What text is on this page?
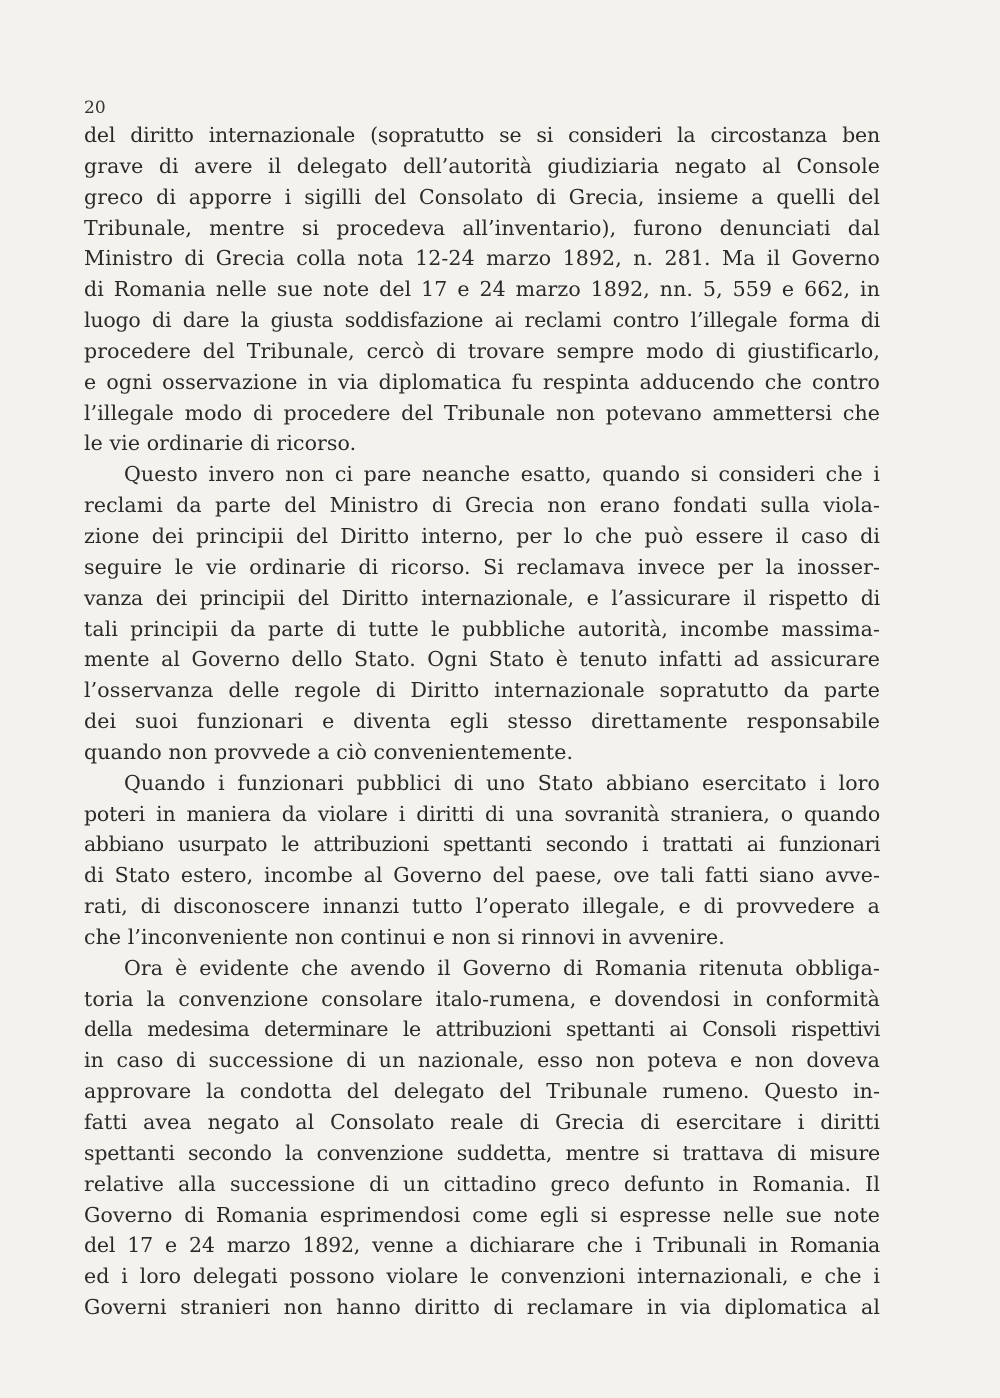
20
del diritto internazionale (sopratutto se si considerі la circostanza ben
grave di avere il delegato dell’autorità giudiziaria negato al Console
greco di apporre i sigilli del Consolato di Grecia, insieme a quelli del
Tribunale, mentre si procedeva all’inventario), furono denunciati dal
Ministro di Grecia colla nota 12-24 marzo 1892, n. 281. Ma il Governo
di Romania nelle sue note del 17 e 24 marzo 1892, nn. 5, 559 e 662, in
luogo di dare la giusta soddisfazione ai reclami contro l’illegale forma di
procedere del Tribunale, cercò di trovare sempre modo di giustificarlo,
e ogni osservazione in via diplomatica fu respinta adducendo che contro
l’illegale modo di procedere del Tribunale non potevano ammettersi che
le vie ordinarie di ricorso.
Questo invero non ci pare neanche esatto, quando si consideri che i
reclami da parte del Ministro di Grecia non erano fondati sulla viola-
zione dei principii del Diritto interno, per lo che può essere il caso di
seguire le vie ordinarie di ricorso. Si reclamava invece per la inosser-
vanza dei principii del Diritto internazionale, e l’assicurare il rispetto di
tali principii da parte di tutte le pubbliche autorità, incombe massima-
mente al Governo dello Stato. Ogni Stato è tenuto infatti ad assicurare
l’osservanza delle regole di Diritto internazionale sopratutto da parte
dei suoi funzionari e diventa egli stesso direttamente responsabile
quando non provvede a ciò convenientemente.
Quando i funzionari pubblici di uno Stato abbiano esercitato i loro
poteri in maniera da violare i diritti di una sovranità straniera, o quando
abbiano usurpato le attribuzioni spettanti secondo i trattati ai funzionari
di Stato estero, incombe al Governo del paese, ove tali fatti siano avve-
rati, di disconoscere innanzi tutto l’operato illegale, e di provvedere a
che l’inconveniente non continui e non si rinnovi in avvenire.
Ora è evidente che avendo il Governo di Romania ritenuta obbliga-
toria la convenzione consolare italo-rumena, e dovendosi in conformità
della medesima determinare le attribuzioni spettanti ai Consoli rispettivi
in caso di successione di un nazionale, esso non poteva e non doveva
approvare la condotta del delegato del Tribunale rumeno. Questo in-
fatti avea negato al Consolato reale di Grecia di esercitare i diritti
spettanti secondo la convenzione suddetta, mentre si trattava di misure
relative alla successione di un cittadino greco defunto in Romania. Il
Governo di Romania esprimendosi come egli si espresse nelle sue note
del 17 e 24 marzo 1892, venne a dichiarare che i Tribunali in Romania
ed i loro delegati possono violare le convenzioni internazionali, e che i
Governi stranieri non hanno diritto di reclamare in via diplomatica al
